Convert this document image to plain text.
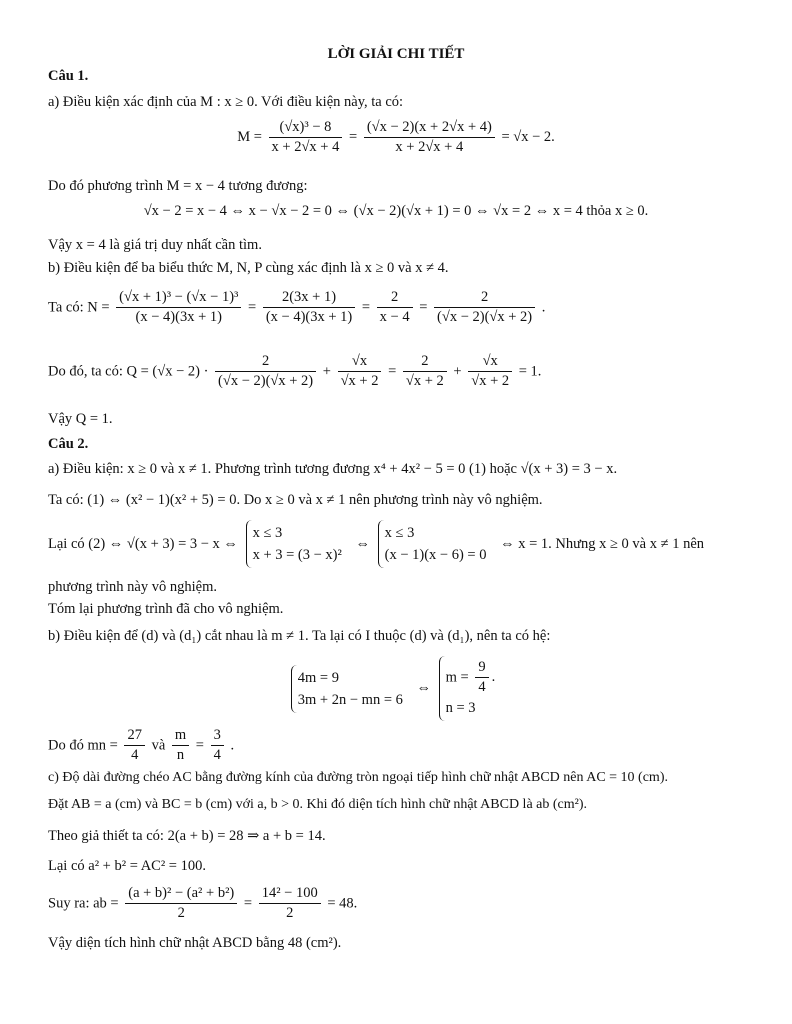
LỜI GIẢI CHI TIẾT
Câu 1.
a) Điều kiện xác định của M : x ≥ 0. Với điều kiện này, ta có:
$M = \frac{\text{(√x)³ − 8}}{x + 2√x + 4} = \frac{(√x - 2)(x + 2√x + 4)}{x + 2√x + 4} = √x - 2$.
Do đó phương trình M = x − 4 tương đương:
√x − 2 = x − 4 ⇔ x − √x − 2 = 0 ⇔ (√x − 2)(√x + 1) = 0 ⇔ √x = 2 ⇔ x = 4 thỏa x ≥ 0.
Vậy x = 4 là giá trị duy nhất cần tìm.
b) Điều kiện để ba biểu thức M, N, P cùng xác định là x ≥ 0 và x ≠ 4.
Ta có: $N = \frac{\text{(√x + 1)³ − (√x − 1)³}}{(x - 4)(3x + 1)} = \frac{2(3x + 1)}{(x - 4)(3x + 1)} = \frac{2}{x - 4} = \frac{2}{(√x - 2)(√x + 2)}$ .
Do đó, ta có: $Q = (√x - 2) \cdot \frac{2}{(√x - 2)(√x + 2)} + \frac{√x}{√x + 2} = \frac{2}{√x + 2} + \frac{√x}{√x + 2} = 1$.
Vậy Q = 1.
Câu 2.
a) Điều kiện: x ≥ 0 và x ≠ 1. Phương trình tương đương x⁴ + 4x² − 5 = 0 (1) hoặc √(x + 3) = 3 − x.
Ta có: (1) ⇔ (x² − 1)(x² + 5) = 0. Do x ≥ 0 và x ≠ 1 nên phương trình này vô nghiệm.
Lại có (2) ⇔ √(x + 3) = 3 − x ⇔
x ≤ 3
x + 3 = (3 − x)²
⇔
x ≤ 3
(x − 1)(x − 6) = 0
⇔ x = 1. Nhưng x ≥ 0 và x ≠ 1 nên
phương trình này vô nghiệm.
Tóm lại phương trình đã cho vô nghiệm.
b) Điều kiện để (d) và (d₁) cắt nhau là m ≠ 1. Ta lại có I thuộc (d) và (d₁), nên ta có hệ:
4m = 9
3m + 2n − mn = 6
⇔
$m = \frac{9}{4}$ .
n = 3
Do đó mn = $\frac{27}{4}$ và $\frac{m}{n} = \frac{3}{4}$ .
c) Độ dài đường chéo AC bằng đường kính của đường tròn ngoại tiếp hình chữ nhật ABCD nên AC = 10 (cm).
Đặt AB = a (cm) và BC = b (cm) với a, b > 0. Khi đó diện tích hình chữ nhật ABCD là ab (cm²).
Theo giả thiết ta có: 2(a + b) = 28 ⇒ a + b = 14.
Lại có a² + b² = AC² = 100.
Suy ra: ab = $\frac{\text{(a + b)² − (a² + b²)}}{2} = \frac{\text{14² − 100}}{2} = 48$.
Vậy diện tích hình chữ nhật ABCD bằng 48 (cm²).
